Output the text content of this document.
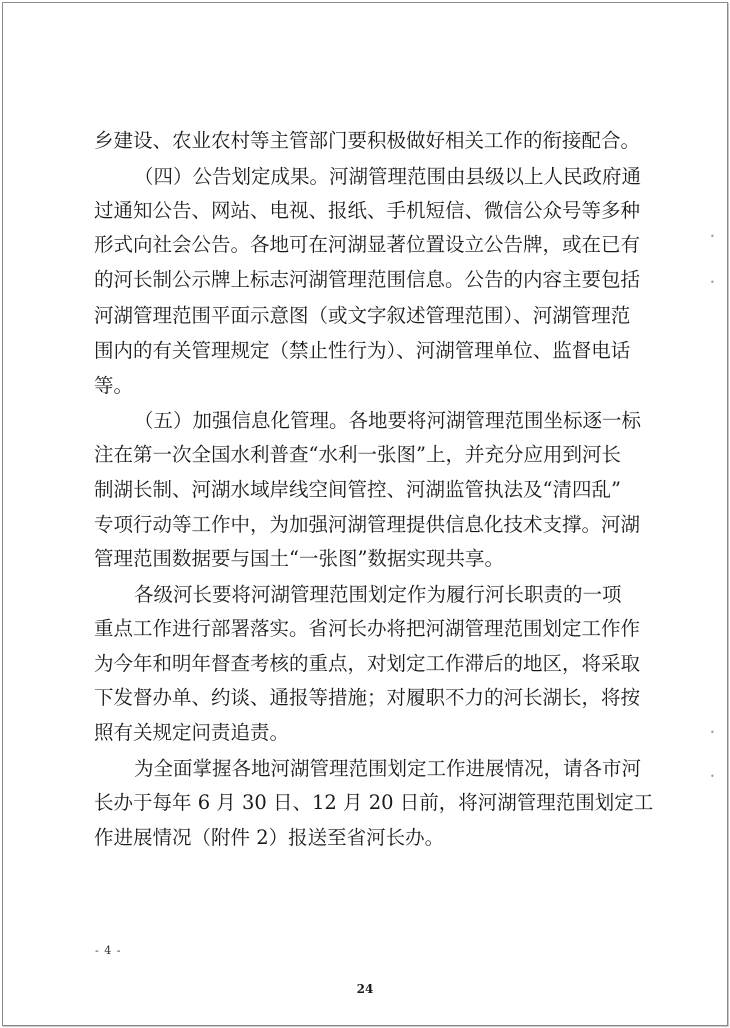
乡建设、农业农村等主管部门要积极做好相关工作的衔接配合。
（四）公告划定成果。河湖管理范围由县级以上人民政府通
过通知公告、网站、电视、报纸、手机短信、微信公众号等多种
形式向社会公告。各地可在河湖显著位置设立公告牌，或在已有
的河长制公示牌上标志河湖管理范围信息。公告的内容主要包括
河湖管理范围平面示意图（或文字叙述管理范围）、河湖管理范
围内的有关管理规定（禁止性行为）、河湖管理单位、监督电话
等。
（五）加强信息化管理。各地要将河湖管理范围坐标逐一标
注在第一次全国水利普查“水利一张图”上，并充分应用到河长
制湖长制、河湖水域岸线空间管控、河湖监管执法及“清四乱”
专项行动等工作中，为加强河湖管理提供信息化技术支撑。河湖
管理范围数据要与国土“一张图”数据实现共享。
各级河长要将河湖管理范围划定作为履行河长职责的一项
重点工作进行部署落实。省河长办将把河湖管理范围划定工作作
为今年和明年督查考核的重点，对划定工作滞后的地区，将采取
下发督办单、约谈、通报等措施；对履职不力的河长湖长，将按
照有关规定问责追责。
为全面掌握各地河湖管理范围划定工作进展情况，请各市河
长办于每年 6 月 30 日、12 月 20 日前，将河湖管理范围划定工
作进展情况（附件 2）报送至省河长办。
- 4 -
24
•
•
•
•
